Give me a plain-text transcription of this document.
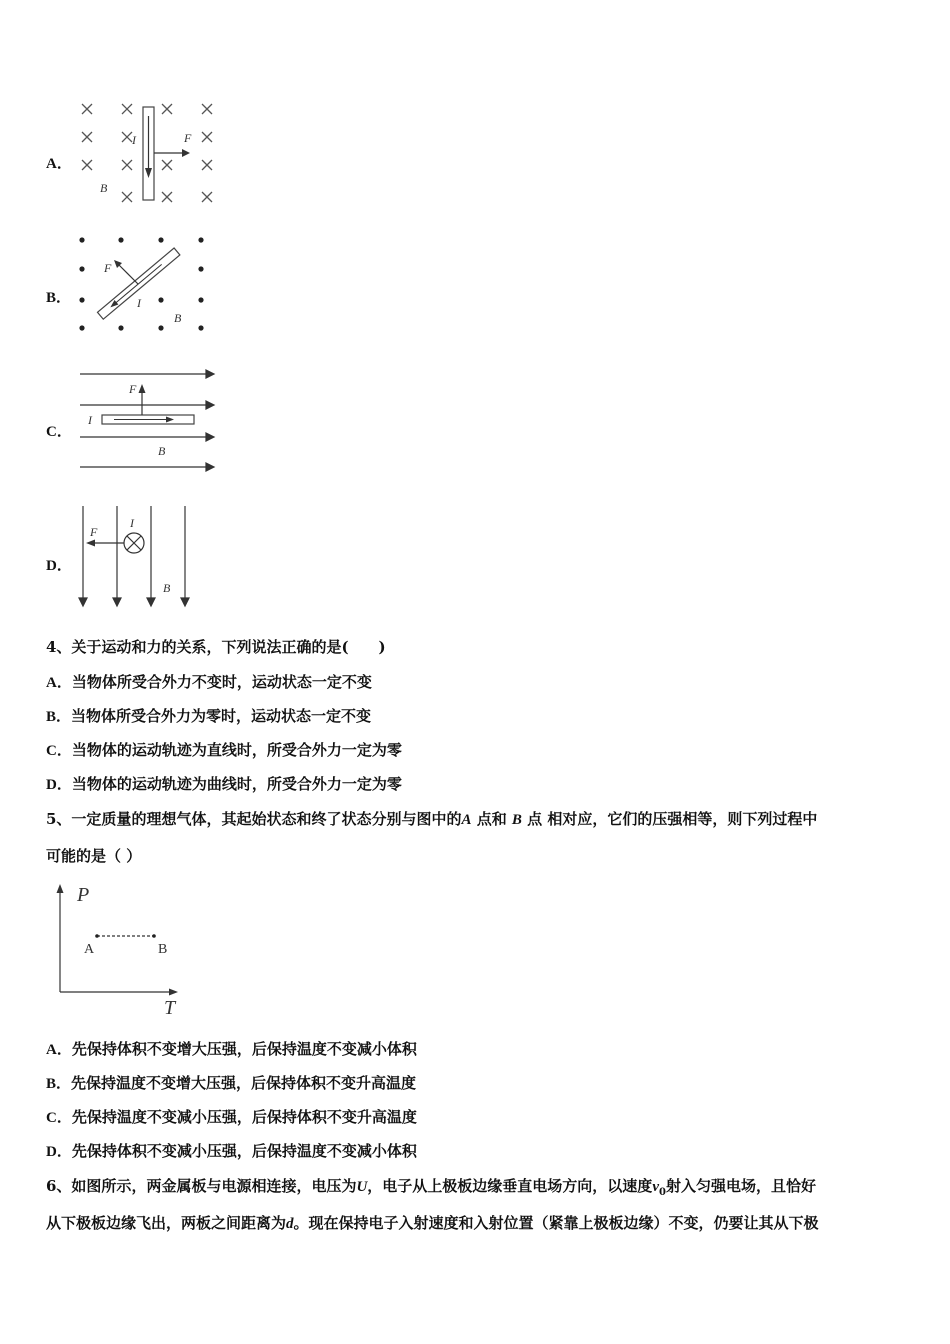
A．
I	F
B
B．
F
I
B
C．
F
I
B
D．
F
I
B
4、关于运动和力的关系，下列说法正确的是(　　)
A．当物体所受合外力不变时，运动状态一定不变
B．当物体所受合外力为零时，运动状态一定不变
C．当物体的运动轨迹为直线时，所受合外力一定为零
D．当物体的运动轨迹为曲线时，所受合外力一定为零
5、一定质量的理想气体，其起始状态和终了状态分别与图中的A 点和 B 点 相对应，它们的压强相等，则下列过程中
可能的是（ ）
P
T
A	B
A．先保持体积不变增大压强，后保持温度不变减小体积
B．先保持温度不变增大压强，后保持体积不变升高温度
C．先保持温度不变减小压强，后保持体积不变升高温度
D．先保持体积不变减小压强，后保持温度不变减小体积
6、如图所示，两金属板与电源相连接，电压为U，电子从上极板边缘垂直电场方向，以速度$v_0$射入匀强电场，且恰好
从下极板边缘飞出，两板之间距离为d。现在保持电子入射速度和入射位置（紧靠上极板边缘）不变，仍要让其从下极
